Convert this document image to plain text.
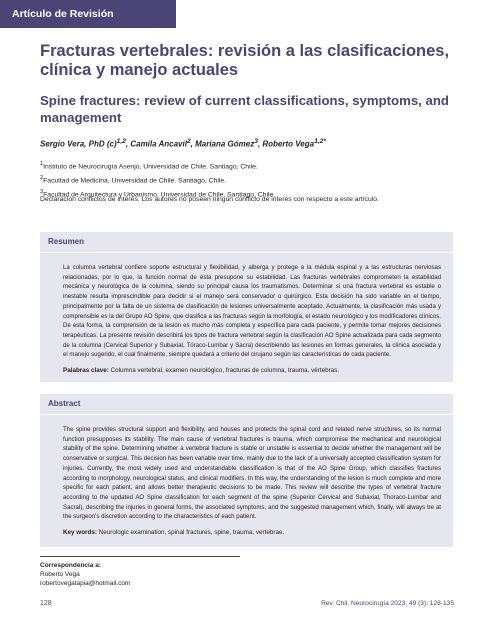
Artículo de Revisión
Fracturas vertebrales: revisión a las clasificaciones, clínica y manejo actuales
Spine fractures: review of current classifications, symptoms, and management
Sergio Vera, PhD $(c)^{1,2}$, Camila Ancavil$^2$, Mariana Gómez$^3$, Roberto Vega$^{1,2*}$
$^1$Instituto de Neurocirugía Asenjo, Universidad de Chile. Santiago, Chile.
$^2$Facultad de Medicina, Universidad de Chile. Santiago, Chile.
$^3$Facultad de Arquitectura y Urbanismo, Universidad de Chile. Santiago, Chile.
Declaración conflictos de interés. Los autores no poseen ningún conflicto de interés con respecto a este artículo.
Resumen

La columna vertebral confiere soporte estructural y flexibilidad, y alberga y protege a la médula espinal y a las estructuras nerviosas relacionadas, por lo que, la función normal de ésta presupone su estabilidad. Las fracturas vertebrales comprometen la estabilidad mecánica y neurológica de la columna, siendo su principal causa los traumatismos. Determinar si una fractura vertebral es estable o inestable resulta imprescindible para decidir si el manejo será conservador o quirúrgico. Esta decisión ha sido variable en el tiempo, principalmente por la falta de un sistema de clasificación de lesiones universalmente aceptado. Actualmente, la clasificación más usada y comprensible es la del Grupo AO Spine, que clasifica a las fracturas según la morfología, el estado neurológico y los modificadores clínicos. De esta forma, la comprensión de la lesión es mucho más completa y específica para cada paciente, y permite tomar mejores decisiones terapéuticas. La presente revisión describirá los tipos de fractura vertebral según la clasificación AO Spine actualizada para cada segmento de la columna (Cervical Superior y Subaxial, Tóraco-Lumbar y Sacra) describiendo las lesiones en formas generales, la clínica asociada y el manejo sugerido, el cual finalmente, siempre quedará a criterio del cirujano según las características de cada paciente.

Palabras clave: Columna vertebral, examen neurológico, fracturas de columna, trauma, vértebras.

Abstract

The spine provides structural support and flexibility, and houses and protects the spinal cord and related nerve structures, so its normal function presupposes its stability. The main cause of vertebral fractures is trauma, which compromise the mechanical and neurological stability of the spine. Determining whether a vertebral fracture is stable or unstable is essential to decide whether the management will be conservative or surgical. This decision has been variable over time, mainly due to the lack of a universally accepted classification system for injuries. Currently, the most widely used and understandable classification is that of the AO Spine Group, which classifies fractures according to morphology, neurological status, and clinical modifiers. In this way, the understanding of the lesion is much complete and more specific for each patient, and allows better therapeutic decisions to be made. This review will describe the types of vertebral fracture according to the updated AO Spine classification for each segment of the spine (Superior Cervical and Subaxial, Thoraco-Lumbar and Sacral), describing the injuries in general forms, the associated symptoms, and the suggested management which, finally, will always be at the surgeon's discretion according to the characteristics of each patient.

Key words: Neurologic examination, spinal fractures, spine, trauma, vertebrae.

Correspondencia a:
Roberto Vega
robertovegatapia@hotmail.com
128	Rev. Chil. Neurocirugía 2023; 49 (3): 128-135
